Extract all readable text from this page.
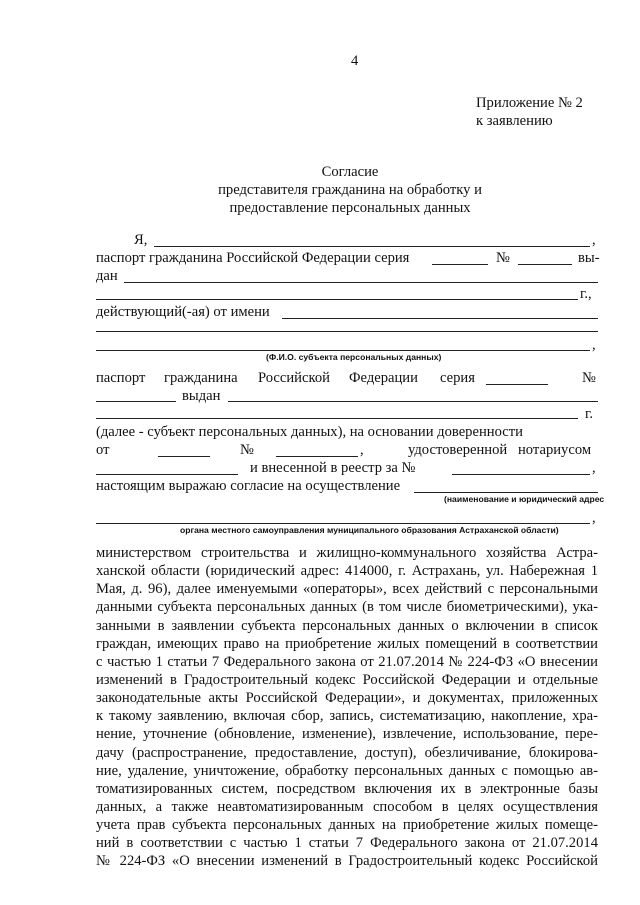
4
Приложение № 2
к заявлению
Согласие
представителя гражданина на обработку и
предоставление персональных данных
Я,	,
паспорт гражданина Российской Федерации серия	№	вы-
дан
г.,
действующий(-ая) от имени
,
(Ф.И.О. субъекта персональных данных)
паспорт гражданина Российской Федерации серия	№
выдан
г.
(далее - субъект персональных данных), на основании доверенности
от	№	,	удостоверенной нотариусом
и внесенной в реестр за №	,
настоящим выражаю согласие на осуществление
(наименование и юридический адрес
,
органа местного самоуправления муниципального образования Астраханской области)
министерством строительства и жилищно-коммунального хозяйства Астра-
ханской области (юридический адрес: 414000, г. Астрахань, ул. Набережная 1
Мая, д. 96), далее именуемыми «операторы», всех действий с персональными
данными субъекта персональных данных (в том числе биометрическими), ука-
занными в заявлении субъекта персональных данных о включении в список
граждан, имеющих право на приобретение жилых помещений в соответствии
с частью 1 статьи 7 Федерального закона от 21.07.2014 № 224-ФЗ «О внесении
изменений в Градостроительный кодекс Российской Федерации и отдельные
законодательные акты Российской Федерации», и документах, приложенных
к такому заявлению, включая сбор, запись, систематизацию, накопление, хра-
нение, уточнение (обновление, изменение), извлечение, использование, пере-
дачу (распространение, предоставление, доступ), обезличивание, блокирова-
ние, удаление, уничтожение, обработку персональных данных с помощью ав-
томатизированных систем, посредством включения их в электронные базы
данных, а также неавтоматизированным способом в целях осуществления
учета прав субъекта персональных данных на приобретение жилых помеще-
ний в соответствии с частью 1 статьи 7 Федерального закона от 21.07.2014
№ 224-ФЗ «О внесении изменений в Градостроительный кодекс Российской
